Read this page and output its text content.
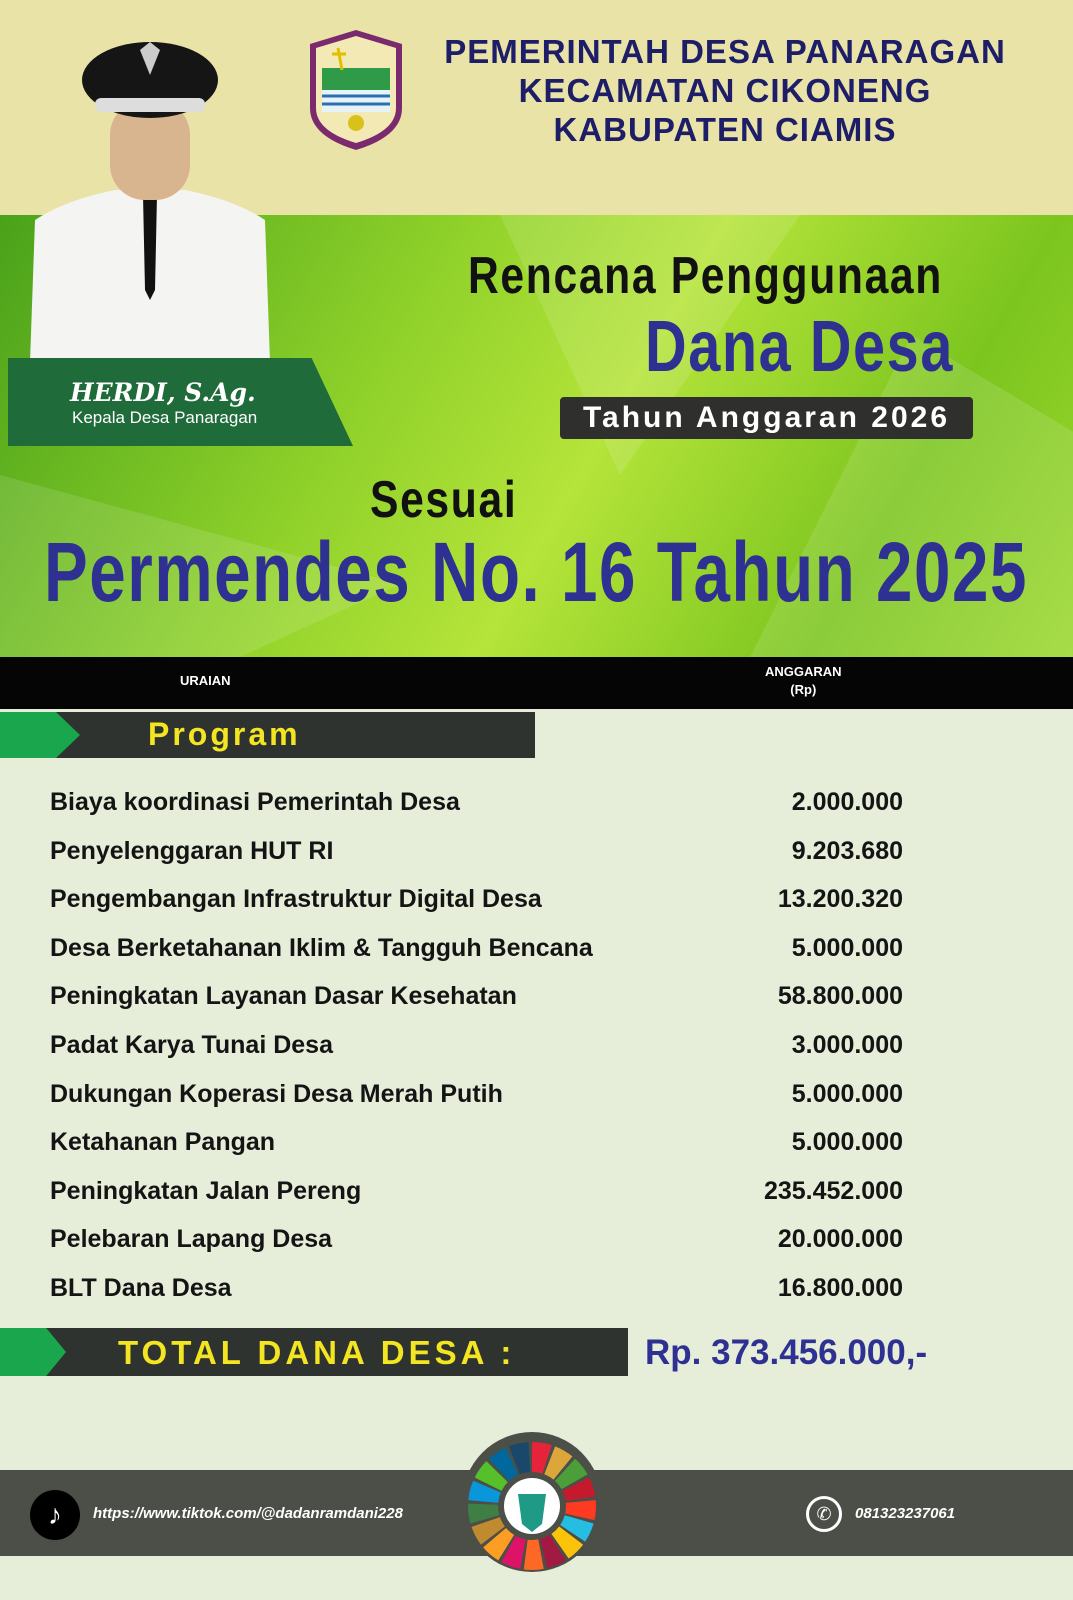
PEMERINTAH DESA PANARAGAN
KECAMATAN CIKONENG
KABUPATEN CIAMIS
HERDI, S.Ag.
Kepala Desa Panaragan
Rencana Penggunaan
Dana Desa
Tahun Anggaran 2026
Sesuai
Permendes No. 16 Tahun 2025
URAIAN
ANGGARAN
(Rp)
Program
Biaya koordinasi Pemerintah Desa	2.000.000
Penyelenggaran HUT RI	9.203.680
Pengembangan Infrastruktur Digital Desa	13.200.320
Desa Berketahanan Iklim & Tangguh Bencana	5.000.000
Peningkatan Layanan Dasar Kesehatan	58.800.000
Padat Karya Tunai Desa	3.000.000
Dukungan Koperasi Desa Merah Putih	5.000.000
Ketahanan Pangan	5.000.000
Peningkatan Jalan Pereng	235.452.000
Pelebaran Lapang Desa	20.000.000
BLT Dana Desa	16.800.000
TOTAL DANA DESA :	Rp. 373.456.000,-
♪	https://www.tiktok.com/@dadanramdani228	✆	081323237061
